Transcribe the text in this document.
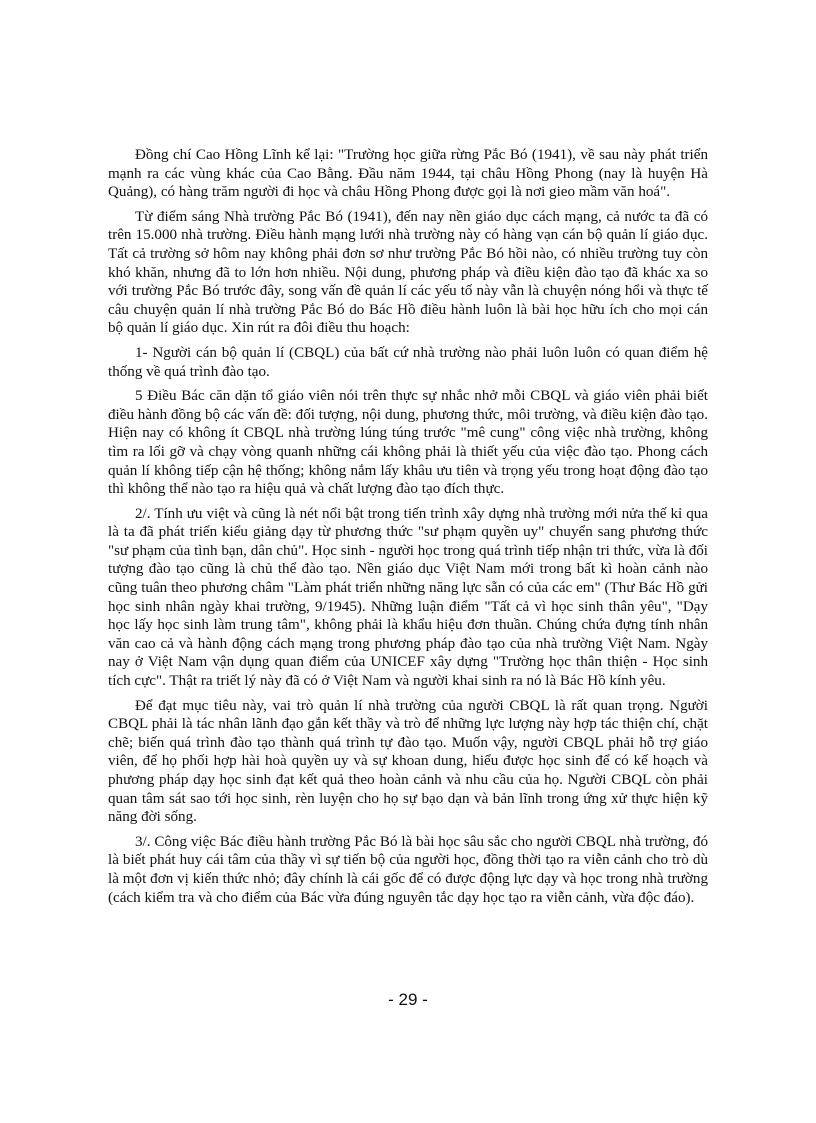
Đồng chí Cao Hồng Lĩnh kể lại: "Trường học giữa rừng Pắc Bó (1941), về sau này phát triển mạnh ra các vùng khác của Cao Bằng. Đầu năm 1944, tại châu Hồng Phong (nay là huyện Hà Quảng), có hàng trăm người đi học và châu Hồng Phong được gọi là nơi gieo mầm văn hoá".

Từ điểm sáng Nhà trường Pắc Bó (1941), đến nay nền giáo dục cách mạng, cả nước ta đã có trên 15.000 nhà trường. Điều hành mạng lưới nhà trường này có hàng vạn cán bộ quản lí giáo dục. Tất cả trường sở hôm nay không phải đơn sơ như trường Pắc Bó hồi nào, có nhiều trường tuy còn khó khăn, nhưng đã to lớn hơn nhiều. Nội dung, phương pháp và điều kiện đào tạo đã khác xa so với trường Pắc Bó trước đây, song vấn đề quản lí các yếu tố này vẫn là chuyện nóng hổi và thực tế câu chuyện quản lí nhà trường Pắc Bó do Bác Hồ điều hành luôn là bài học hữu ích cho mọi cán bộ quản lí giáo dục. Xin rút ra đôi điều thu hoạch:

1- Người cán bộ quản lí (CBQL) của bất cứ nhà trường nào phải luôn luôn có quan điểm hệ thống về quá trình đào tạo.

5 Điều Bác căn dặn tổ giáo viên nói trên thực sự nhắc nhở mỗi CBQL và giáo viên phải biết điều hành đồng bộ các vấn đề: đối tượng, nội dung, phương thức, môi trường, và điều kiện đào tạo. Hiện nay có không ít CBQL nhà trường lúng túng trước "mê cung" công việc nhà trường, không tìm ra lối gỡ và chạy vòng quanh những cái không phải là thiết yếu của việc đào tạo. Phong cách quản lí không tiếp cận hệ thống; không nắm lấy khâu ưu tiên và trọng yếu trong hoạt động đào tạo thì không thể nào tạo ra hiệu quả và chất lượng đào tạo đích thực.

2/. Tính ưu việt và cũng là nét nổi bật trong tiến trình xây dựng nhà trường mới nửa thế kỉ qua là ta đã phát triển kiểu giảng dạy từ phương thức "sư phạm quyền uy" chuyển sang phương thức "sư phạm của tình bạn, dân chủ". Học sinh - người học trong quá trình tiếp nhận tri thức, vừa là đối tượng đào tạo cũng là chủ thể đào tạo. Nền giáo dục Việt Nam mới trong bất kì hoàn cảnh nào cũng tuân theo phương châm "Làm phát triển những năng lực sẵn có của các em" (Thư Bác Hồ gửi học sinh nhân ngày khai trường, 9/1945). Những luận điểm "Tất cả vì học sinh thân yêu", "Dạy học lấy học sinh làm trung tâm", không phải là khẩu hiệu đơn thuần. Chúng chứa đựng tính nhân văn cao cả và hành động cách mạng trong phương pháp đào tạo của nhà trường Việt Nam. Ngày nay ở Việt Nam vận dụng quan điểm của UNICEF xây dựng "Trường học thân thiện - Học sinh tích cực". Thật ra triết lý này đã có ở Việt Nam và người khai sinh ra nó là Bác Hồ kính yêu.

Để đạt mục tiêu này, vai trò quản lí nhà trường của người CBQL là rất quan trọng. Người CBQL phải là tác nhân lãnh đạo gắn kết thầy và trò để những lực lượng này hợp tác thiện chí, chặt chẽ; biến quá trình đào tạo thành quá trình tự đào tạo. Muốn vậy, người CBQL phải hỗ trợ giáo viên, để họ phối hợp hài hoà quyền uy và sự khoan dung, hiểu được học sinh để có kế hoạch và phương pháp dạy học sinh đạt kết quả theo hoàn cảnh và nhu cầu của họ. Người CBQL còn phải quan tâm sát sao tới học sinh, rèn luyện cho họ sự bạo dạn và bản lĩnh trong ứng xử thực hiện kỹ năng đời sống.

3/. Công việc Bác điều hành trường Pắc Bó là bài học sâu sắc cho người CBQL nhà trường, đó là biết phát huy cái tâm của thầy vì sự tiến bộ của người học, đồng thời tạo ra viễn cảnh cho trò dù là một đơn vị kiến thức nhỏ; đây chính là cái gốc để có được động lực dạy và học trong nhà trường (cách kiểm tra và cho điểm của Bác vừa đúng nguyên tắc dạy học tạo ra viễn cảnh, vừa độc đáo).

- 29 -
